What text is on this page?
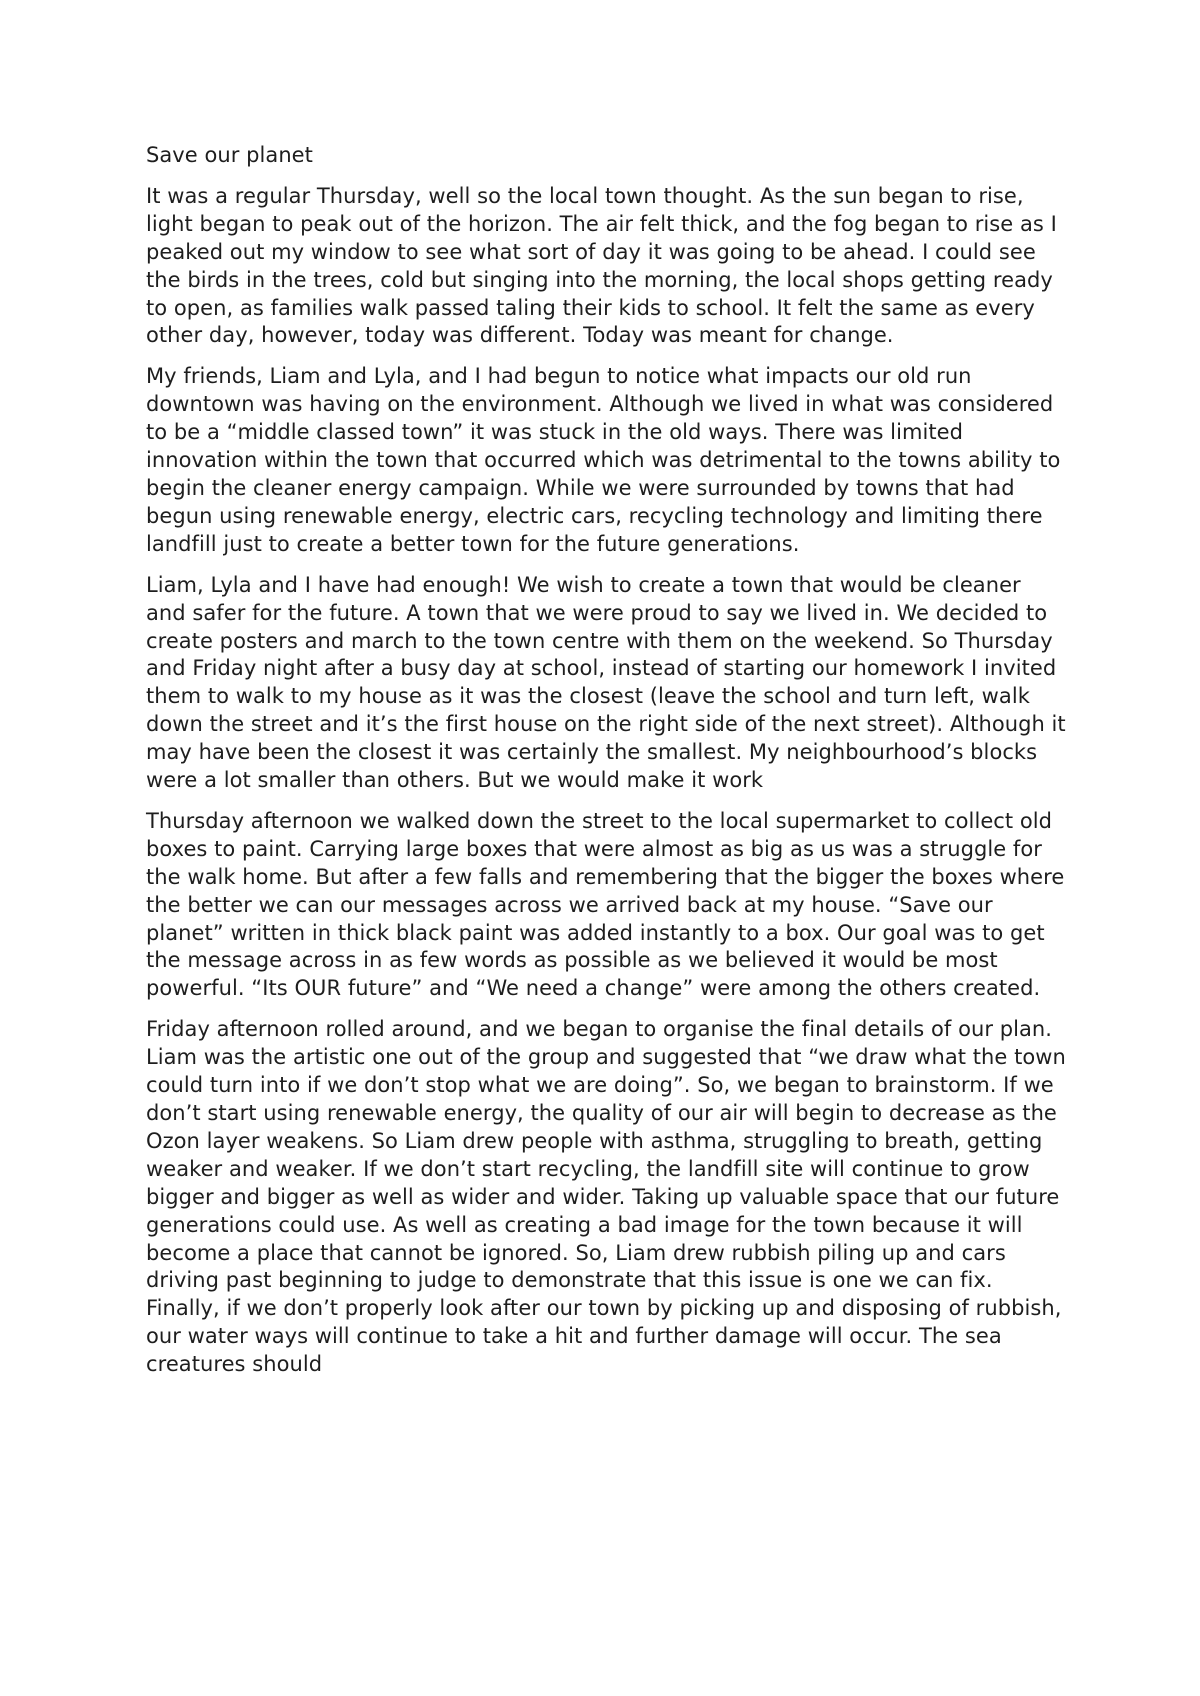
Save our planet

It was a regular Thursday, well so the local town thought. As the sun began to rise, light began to peak out of the horizon. The air felt thick, and the fog began to rise as I peaked out my window to see what sort of day it was going to be ahead. I could see the birds in the trees, cold but singing into the morning, the local shops getting ready to open, as families walk passed taling their kids to school. It felt the same as every other day, however, today was different. Today was meant for change.

My friends, Liam and Lyla, and I had begun to notice what impacts our old run downtown was having on the environment. Although we lived in what was considered to be a “middle classed town” it was stuck in the old ways. There was limited innovation within the town that occurred which was detrimental to the towns ability to begin the cleaner energy campaign. While we were surrounded by towns that had begun using renewable energy, electric cars, recycling technology and limiting there landfill just to create a better town for the future generations.

Liam, Lyla and I have had enough! We wish to create a town that would be cleaner and safer for the future. A town that we were proud to say we lived in. We decided to create posters and march to the town centre with them on the weekend. So Thursday and Friday night after a busy day at school, instead of starting our homework I invited them to walk to my house as it was the closest (leave the school and turn left, walk down the street and it’s the first house on the right side of the next street). Although it may have been the closest it was certainly the smallest. My neighbourhood’s blocks were a lot smaller than others. But we would make it work

Thursday afternoon we walked down the street to the local supermarket to collect old boxes to paint. Carrying large boxes that were almost as big as us was a struggle for the walk home. But after a few falls and remembering that the bigger the boxes where the better we can our messages across we arrived back at my house. “Save our planet” written in thick black paint was added instantly to a box. Our goal was to get the message across in as few words as possible as we believed it would be most powerful. “Its OUR future” and “We need a change” were among the others created.

Friday afternoon rolled around, and we began to organise the final details of our plan. Liam was the artistic one out of the group and suggested that “we draw what the town could turn into if we don’t stop what we are doing”. So, we began to brainstorm. If we don’t start using renewable energy, the quality of our air will begin to decrease as the Ozon layer weakens. So Liam drew people with asthma, struggling to breath, getting weaker and weaker. If we don’t start recycling, the landfill site will continue to grow bigger and bigger as well as wider and wider. Taking up valuable space that our future generations could use. As well as creating a bad image for the town because it will become a place that cannot be ignored. So, Liam drew rubbish piling up and cars driving past beginning to judge to demonstrate that this issue is one we can fix. Finally, if we don’t properly look after our town by picking up and disposing of rubbish, our water ways will continue to take a hit and further damage will occur. The sea creatures should
